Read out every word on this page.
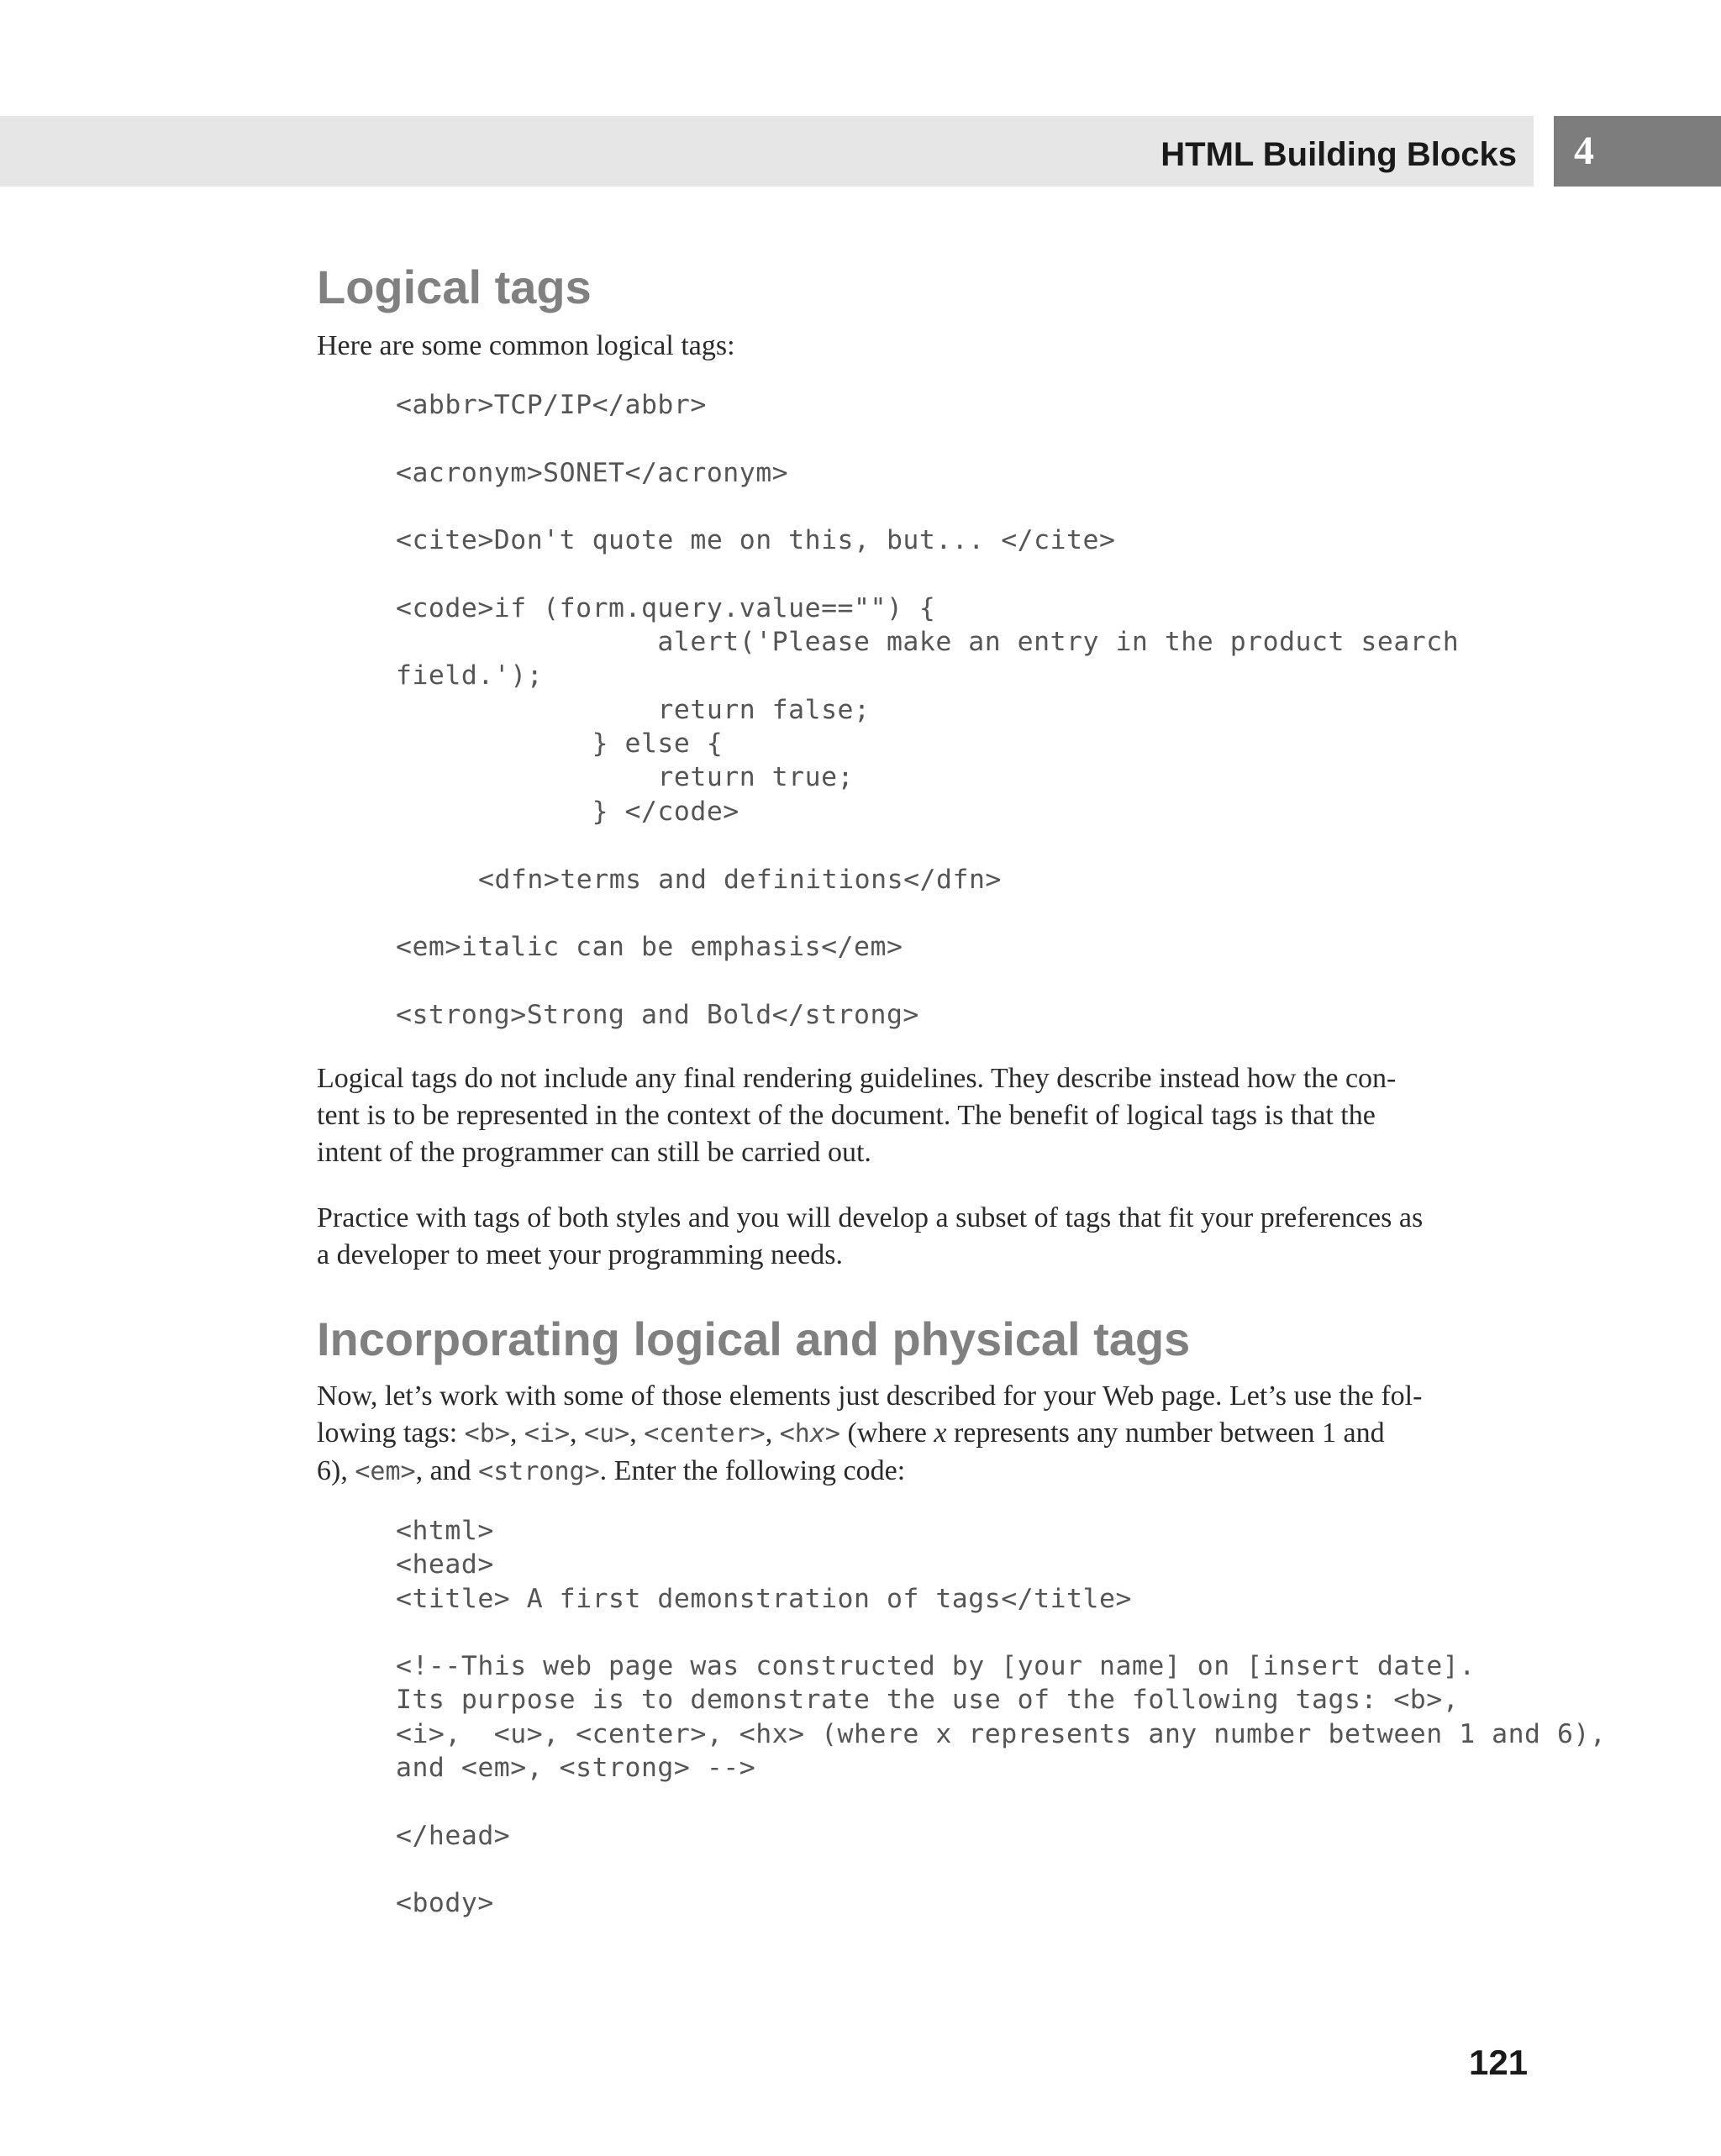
HTML Building Blocks 4
Logical tags

Here are some common logical tags:

<abbr>TCP/IP</abbr>

<acronym>SONET</acronym>

<cite>Don't quote me on this, but... </cite>

<code>if (form.query.value=="") {
alert('Please make an entry in the product search
field.');
return false;
} else {
return true;
} </code>
<dfn>terms and definitions</dfn>
<em>italic can be emphasis</em>

<strong>Strong and Bold</strong>

Logical tags do not include any final rendering guidelines. They describe instead how the con-
tent is to be represented in the context of the document. The benefit of logical tags is that the
intent of the programmer can still be carried out.

Practice with tags of both styles and you will develop a subset of tags that fit your preferences as
a developer to meet your programming needs.

Incorporating logical and physical tags

Now, let’s work with some of those elements just described for your Web page. Let’s use the fol-
lowing tags: <b>, <i>, <u>, <center>, <hx> (where x represents any number between 1 and
6), <em>, and <strong>. Enter the following code:

<html>
<head>
<title> A first demonstration of tags</title>

<!--This web page was constructed by [your name] on [insert date].
Its purpose is to demonstrate the use of the following tags: <b>,
<i>,  <u>, <center>, <hx> (where x represents any number between 1 and 6),
and <em>, <strong> -->

</head>

<body>
121
